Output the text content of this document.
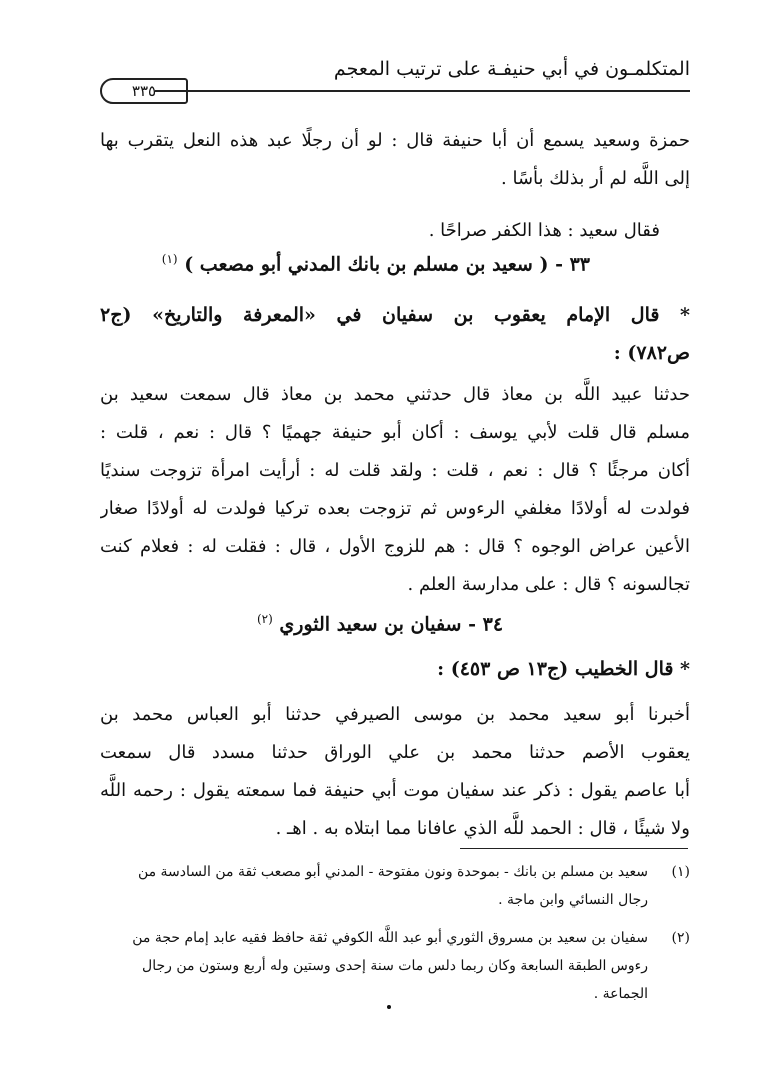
المتكلمـون في أبي حنيفـة على ترتيب المعجم
٣٣٥
حمزة وسعيد يسمع أن أبا حنيفة قال : لو أن رجلًا عبد هذه النعل يتقرب بها
إلى اللَّه لم أر بذلك بأسًا .
فقال سعيد : هذا الكفر صراحًا .
٣٣ - ( سعيد بن مسلم بن بانك المدني أبو مصعب ) $^{(١)}$
* قال الإمام يعقوب بن سفيان في «المعرفة والتاريخ» (ج٢
ص٧٨٢) :
حدثنا عبيد اللَّه بن معاذ قال حدثني محمد بن معاذ قال سمعت سعيد بن
مسلم قال قلت لأبي يوسف : أكان أبو حنيفة جهميًا ؟ قال : نعم ، قلت :
أكان مرجئًا ؟ قال : نعم ، قلت : ولقد قلت له : أرأيت امرأة تزوجت سنديًا
فولدت له أولادًا مغلفي الرءوس ثم تزوجت بعده تركيا فولدت له أولادًا صغار
الأعين عراض الوجوه ؟ قال : هم للزوج الأول ، قال : فقلت له : فعلام كنت
تجالسونه ؟ قال : على مدارسة العلم .
٣٤ - سفيان بن سعيد الثوري $^{(٢)}$
* قال الخطيب (ج١٣ ص ٤٥٣) :
أخبرنا أبو سعيد محمد بن موسى الصيرفي حدثنا أبو العباس محمد بن
يعقوب الأصم حدثنا محمد بن علي الوراق حدثنا مسدد قال سمعت
أبا عاصم يقول : ذكر عند سفيان موت أبي حنيفة فما سمعته يقول : رحمه اللَّه
ولا شيئًا ، قال : الحمد للَّه الذي عافانا مما ابتلاه به . اهـ .
(١)
سعيد بن مسلم بن بانك - بموحدة ونون مفتوحة - المدني أبو مصعب ثقة من السادسة من
رجال النسائي وابن ماجة .
(٢)
سفيان بن سعيد بن مسروق الثوري أبو عبد اللَّه الكوفي ثقة حافظ فقيه عابد إمام حجة من
رءوس الطبقة السابعة وكان ربما دلس مات سنة إحدى وستين وله أربع وستون من رجال
الجماعة .
